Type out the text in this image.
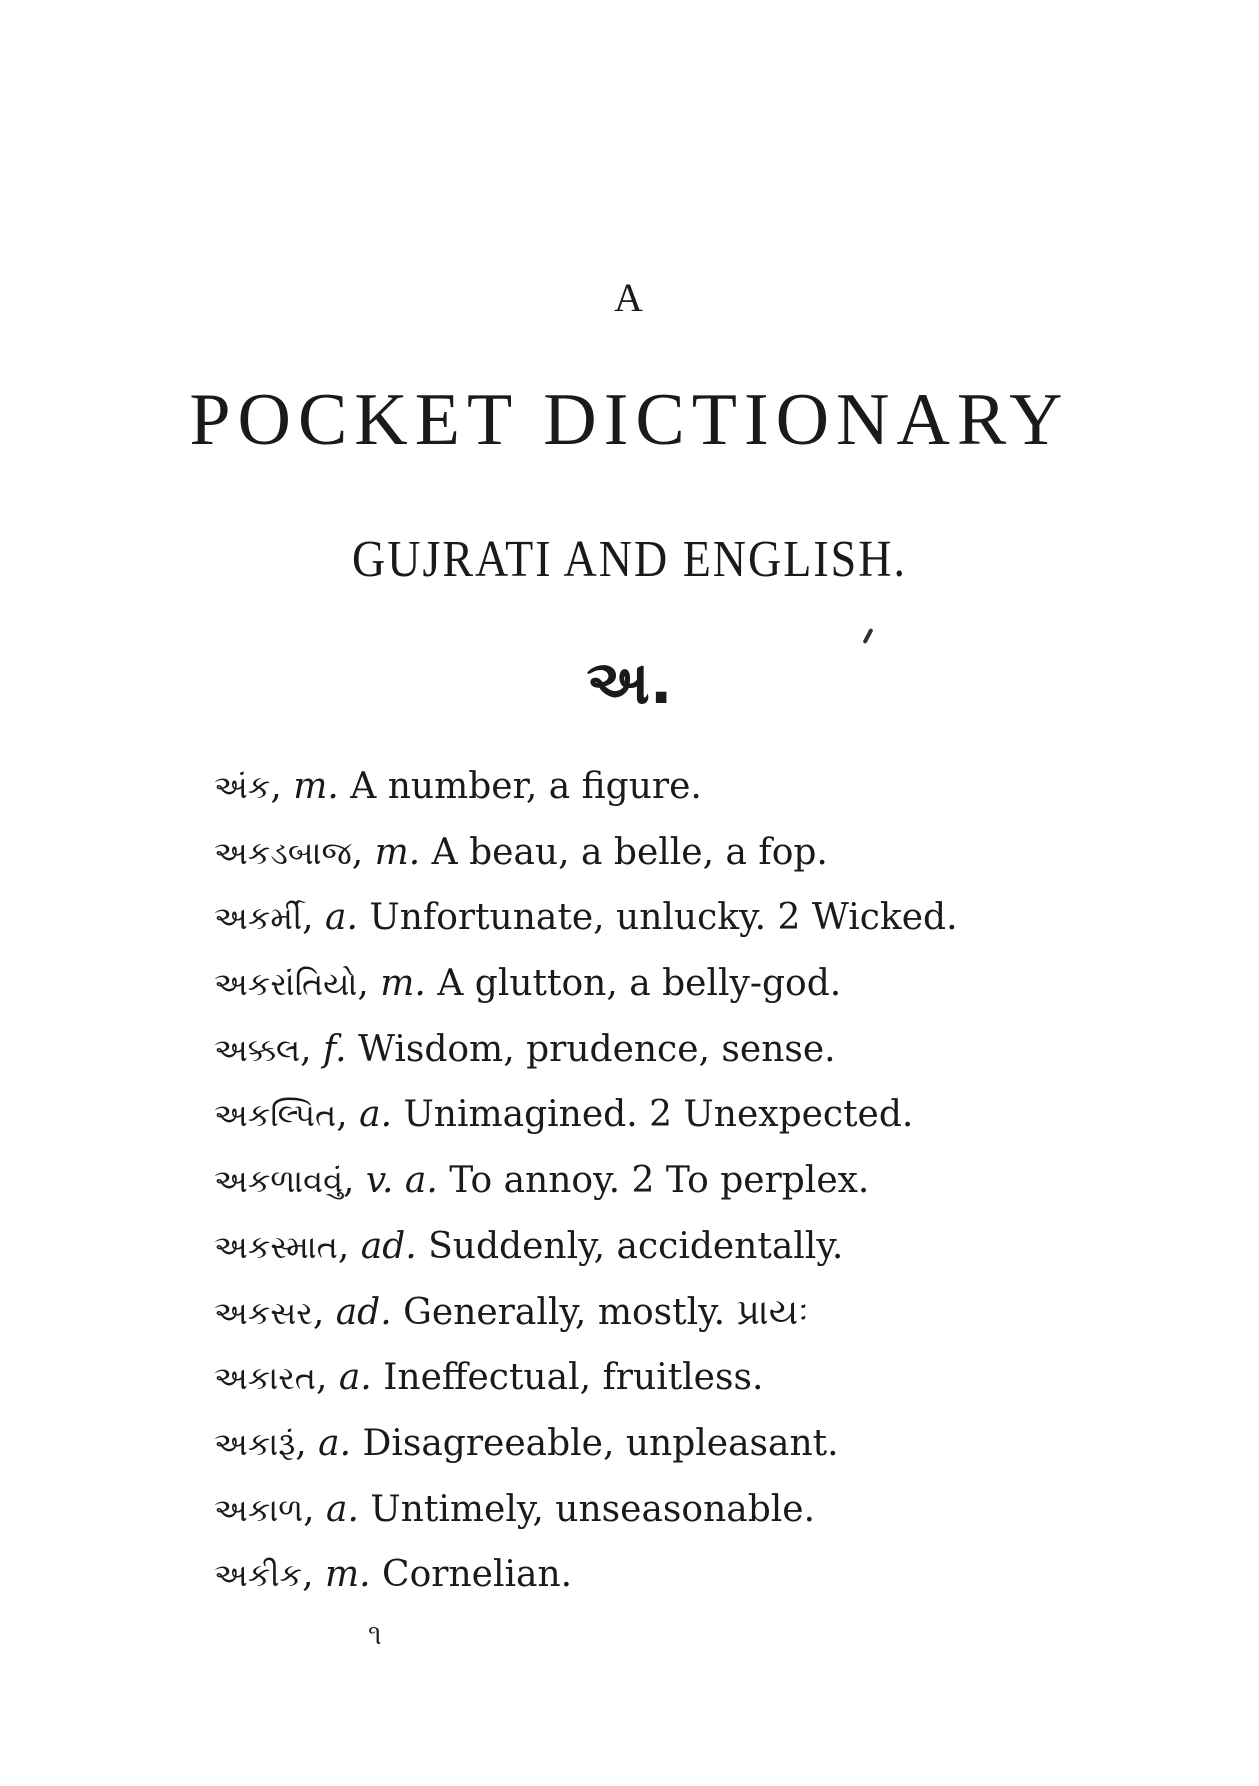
A
POCKET DICTIONARY
GUJRATI AND ENGLISH.
અ.
અંક, m. A number, a figure.
અકડબાજ, m. A beau, a belle, a fop.
અકર્મી, a. Unfortunate, unlucky. 2 Wicked.
અકરાંતિયો, m. A glutton, a belly-god.
અક્કલ, f. Wisdom, prudence, sense.
અકલ્પિત, a. Unimagined. 2 Unexpected.
અકળાવવું, v. a. To annoy. 2 To perplex.
અકસ્માત, ad. Suddenly, accidentally.
અકસર, ad. Generally, mostly. પ્રાયઃ
અકારત, a. Ineffectual, fruitless.
અકારૂં, a. Disagreeable, unpleasant.
અકાળ, a. Untimely, unseasonable.
અકીક, m. Cornelian.
૧
